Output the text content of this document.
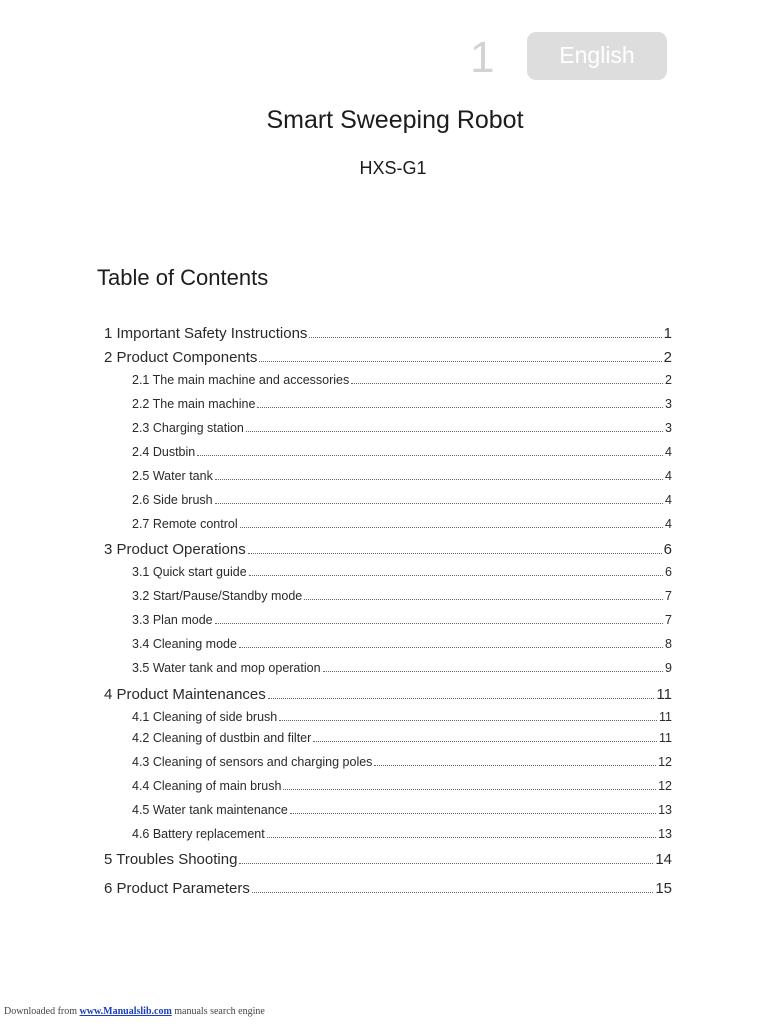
1	English
Smart Sweeping Robot
HXS-G1
Table of Contents
1 Important Safety Instructions	1
2 Product Components	2
2.1 The main machine and accessories	2
2.2 The main machine	3
2.3 Charging station	3
2.4 Dustbin	4
2.5 Water tank	4
2.6 Side brush	4
2.7 Remote control	4
3 Product Operations	6
3.1 Quick start guide	6
3.2 Start/Pause/Standby mode	7
3.3 Plan mode	7
3.4 Cleaning mode	8
3.5 Water tank and mop operation	9
4 Product Maintenances	11
4.1 Cleaning of side brush	11
4.2 Cleaning of dustbin and filter	11
4.3 Cleaning of sensors and charging poles	12
4.4 Cleaning of main brush	12
4.5 Water tank maintenance	13
4.6 Battery replacement	13
5 Troubles Shooting	14
6 Product Parameters	15
Downloaded from www.Manualslib.com manuals search engine
